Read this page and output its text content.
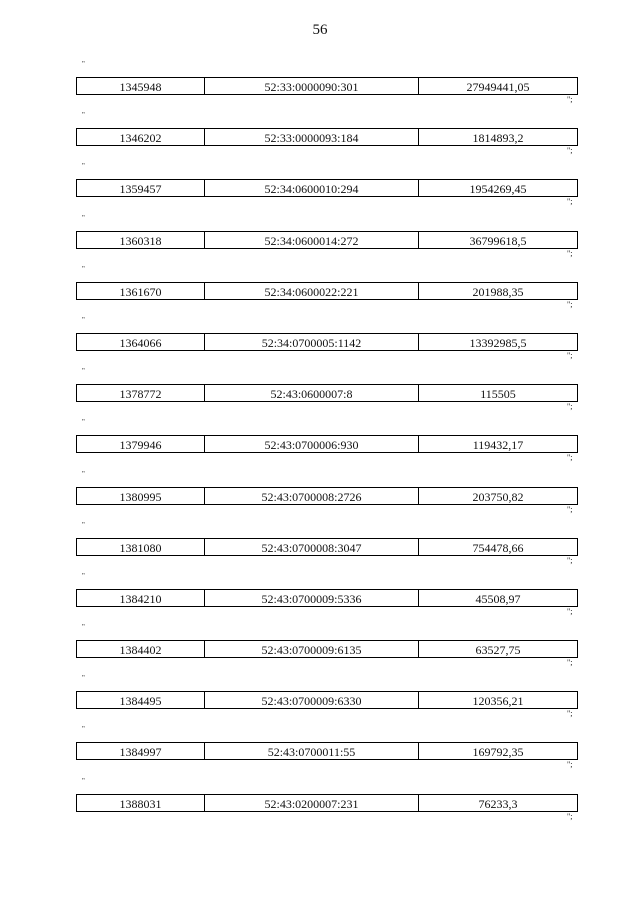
56
"
1345948	52:33:0000090:301	27949441,05
";
"
1346202	52:33:0000093:184	1814893,2
";
"
1359457	52:34:0600010:294	1954269,45
";
"
1360318	52:34:0600014:272	36799618,5
";
"
1361670	52:34:0600022:221	201988,35
";
"
1364066	52:34:0700005:1142	13392985,5
";
"
1378772	52:43:0600007:8	115505
";
"
1379946	52:43:0700006:930	119432,17
";
"
1380995	52:43:0700008:2726	203750,82
";
"
1381080	52:43:0700008:3047	754478,66
";
"
1384210	52:43:0700009:5336	45508,97
";
"
1384402	52:43:0700009:6135	63527,75
";
"
1384495	52:43:0700009:6330	120356,21
";
"
1384997	52:43:0700011:55	169792,35
";
"
1388031	52:43:0200007:231	76233,3
";
